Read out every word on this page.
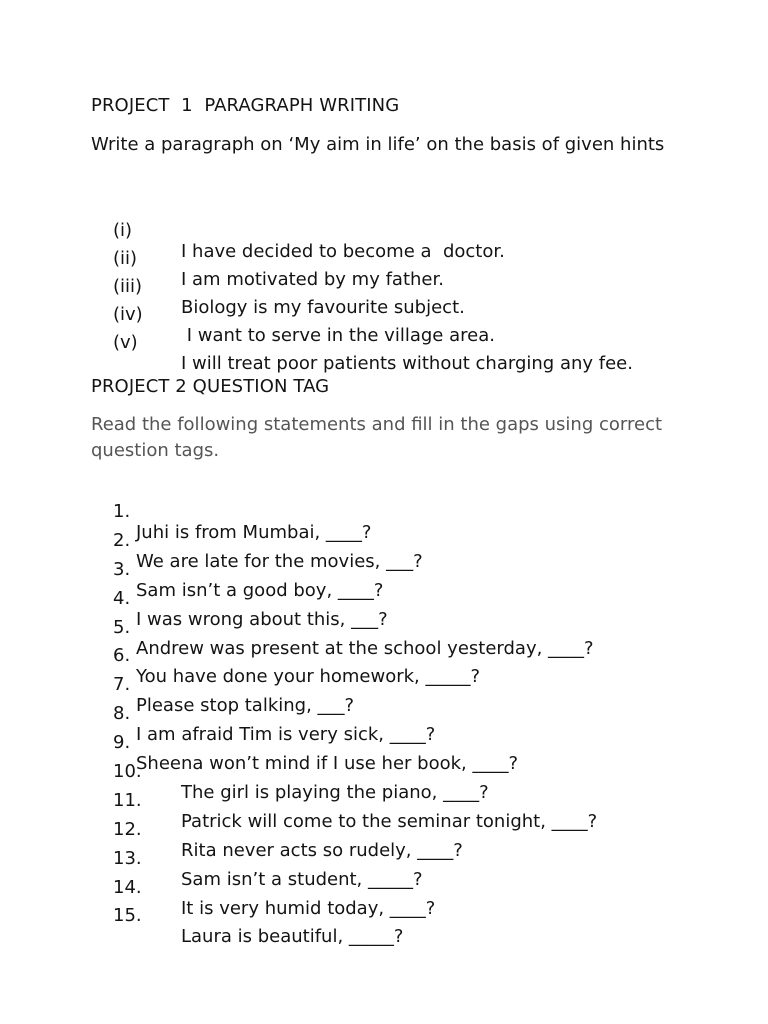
PROJECT  1  PARAGRAPH WRITING
Write a paragraph on ‘My aim in life’ on the basis of given hints

(i)

I have decided to become a  doctor.

(ii)

I am motivated by my father.

(iii)

Biology is my favourite subject.

(iv)

I want to serve in the village area.

(v)

I will treat poor patients without charging any fee.

PROJECT 2 QUESTION TAG
Read the following statements and fill in the gaps using correct question tags.

1.

Juhi is from Mumbai, ____?

2.

We are late for the movies, ___?

3.

Sam isn’t a good boy, ____?

4.

I was wrong about this, ___?

5.

Andrew was present at the school yesterday, ____?

6.

You have done your homework, _____?

7.

Please stop talking, ___?

8.

I am afraid Tim is very sick, ____?

9.

Sheena won’t mind if I use her book, ____?

10.

The girl is playing the piano, ____?

11.

Patrick will come to the seminar tonight, ____?

12.

Rita never acts so rudely, ____?

13.

Sam isn’t a student, _____?

14.

It is very humid today, ____?

15.

Laura is beautiful, _____?
